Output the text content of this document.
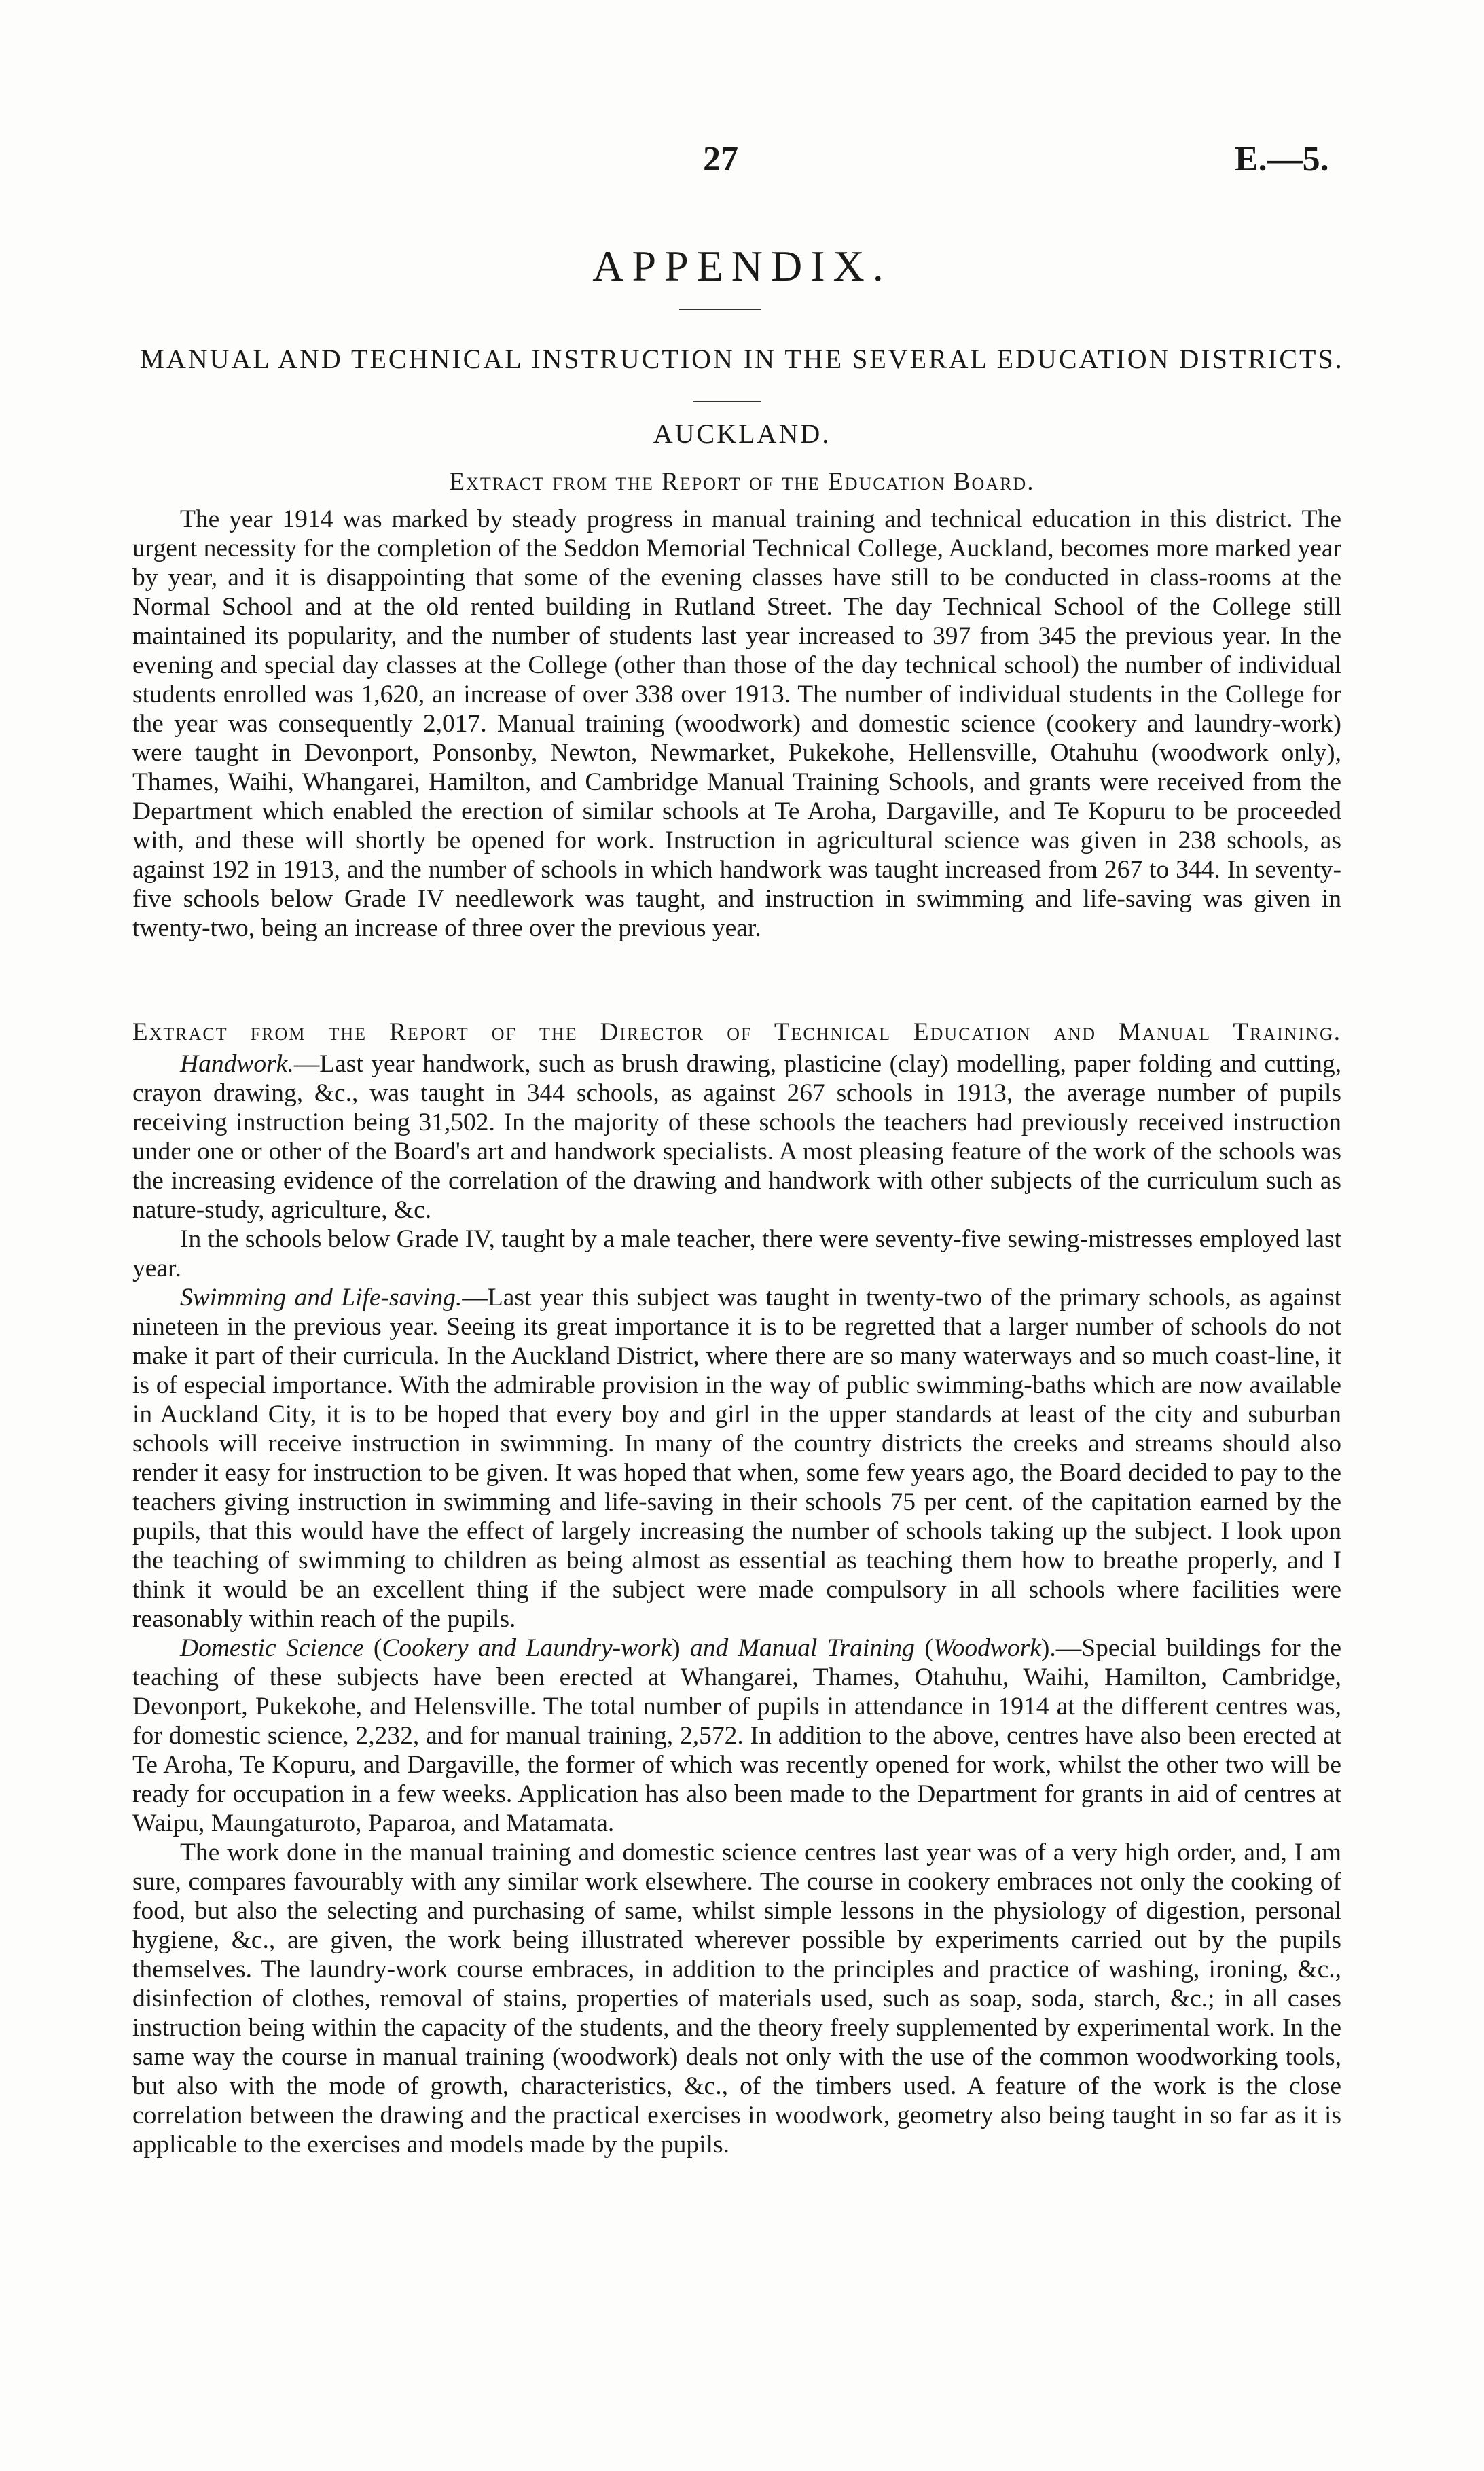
27	E.—5.
APPENDIX.
MANUAL AND TECHNICAL INSTRUCTION IN THE SEVERAL EDUCATION DISTRICTS.
AUCKLAND.
Extract from the Report of the Education Board.

The year 1914 was marked by steady progress in manual training and technical education in this district. The urgent necessity for the completion of the Seddon Memorial Technical College, Auckland, becomes more marked year by year, and it is disappointing that some of the evening classes have still to be conducted in class-rooms at the Normal School and at the old rented building in Rutland Street. The day Technical School of the College still maintained its popularity, and the number of students last year increased to 397 from 345 the previous year. In the evening and special day classes at the College (other than those of the day technical school) the number of individual students enrolled was 1,620, an increase of over 338 over 1913. The number of individual students in the College for the year was consequently 2,017. Manual training (woodwork) and domestic science (cookery and laundry-work) were taught in Devonport, Ponsonby, Newton, Newmarket, Pukekohe, Hellensville, Otahuhu (woodwork only), Thames, Waihi, Whangarei, Hamilton, and Cambridge Manual Training Schools, and grants were received from the Department which enabled the erection of similar schools at Te Aroha, Dargaville, and Te Kopuru to be proceeded with, and these will shortly be opened for work. Instruction in agricultural science was given in 238 schools, as against 192 in 1913, and the number of schools in which handwork was taught increased from 267 to 344. In seventy-five schools below Grade IV needlework was taught, and instruction in swimming and life-saving was given in twenty-two, being an increase of three over the previous year.

Extract from the Report of the Director of Technical Education and Manual Training.

Handwork.—Last year handwork, such as brush drawing, plasticine (clay) modelling, paper folding and cutting, crayon drawing, &c., was taught in 344 schools, as against 267 schools in 1913, the average number of pupils receiving instruction being 31,502. In the majority of these schools the teachers had previously received instruction under one or other of the Board's art and handwork specialists. A most pleasing feature of the work of the schools was the increasing evidence of the correlation of the drawing and handwork with other subjects of the curriculum such as nature-study, agriculture, &c.

In the schools below Grade IV, taught by a male teacher, there were seventy-five sewing-mistresses employed last year.

Swimming and Life-saving.—Last year this subject was taught in twenty-two of the primary schools, as against nineteen in the previous year. Seeing its great importance it is to be regretted that a larger number of schools do not make it part of their curricula. In the Auckland District, where there are so many waterways and so much coast-line, it is of especial importance. With the admirable provision in the way of public swimming-baths which are now available in Auckland City, it is to be hoped that every boy and girl in the upper standards at least of the city and suburban schools will receive instruction in swimming. In many of the country districts the creeks and streams should also render it easy for instruction to be given. It was hoped that when, some few years ago, the Board decided to pay to the teachers giving instruction in swimming and life-saving in their schools 75 per cent. of the capitation earned by the pupils, that this would have the effect of largely increasing the number of schools taking up the subject. I look upon the teaching of swimming to children as being almost as essential as teaching them how to breathe properly, and I think it would be an excellent thing if the subject were made compulsory in all schools where facilities were reasonably within reach of the pupils.

Domestic Science (Cookery and Laundry-work) and Manual Training (Woodwork).—Special buildings for the teaching of these subjects have been erected at Whangarei, Thames, Otahuhu, Waihi, Hamilton, Cambridge, Devonport, Pukekohe, and Helensville. The total number of pupils in attendance in 1914 at the different centres was, for domestic science, 2,232, and for manual training, 2,572. In addition to the above, centres have also been erected at Te Aroha, Te Kopuru, and Dargaville, the former of which was recently opened for work, whilst the other two will be ready for occupation in a few weeks. Application has also been made to the Department for grants in aid of centres at Waipu, Maungaturoto, Paparoa, and Matamata.

The work done in the manual training and domestic science centres last year was of a very high order, and, I am sure, compares favourably with any similar work elsewhere. The course in cookery embraces not only the cooking of food, but also the selecting and purchasing of same, whilst simple lessons in the physiology of digestion, personal hygiene, &c., are given, the work being illustrated wherever possible by experiments carried out by the pupils themselves. The laundry-work course embraces, in addition to the principles and practice of washing, ironing, &c., disinfection of clothes, removal of stains, properties of materials used, such as soap, soda, starch, &c.; in all cases instruction being within the capacity of the students, and the theory freely supplemented by experimental work. In the same way the course in manual training (woodwork) deals not only with the use of the common woodworking tools, but also with the mode of growth, characteristics, &c., of the timbers used. A feature of the work is the close correlation between the drawing and the practical exercises in woodwork, geometry also being taught in so far as it is applicable to the exercises and models made by the pupils.
